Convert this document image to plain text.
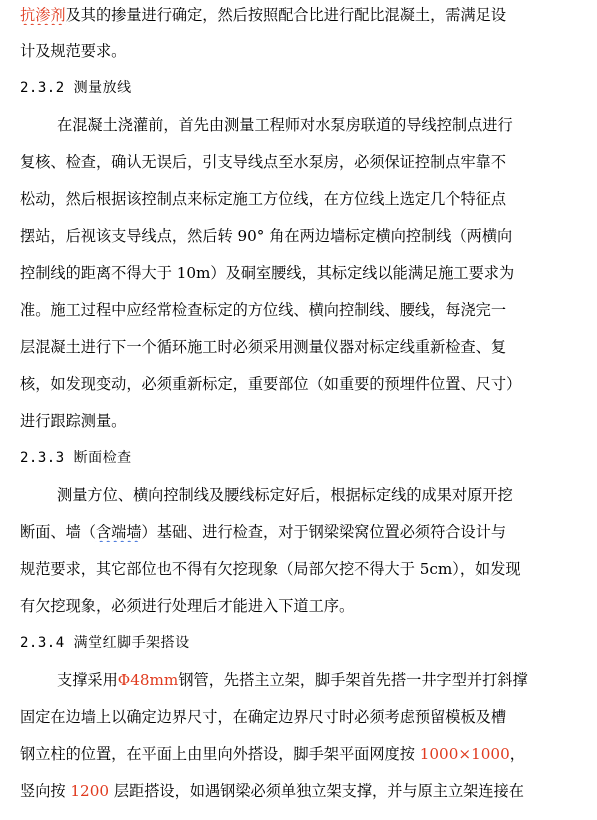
抗渗剂及其的掺量进行确定，然后按照配合比进行配比混凝土，需满足设
计及规范要求。
2.3.2 测量放线
在混凝土浇灌前，首先由测量工程师对水泵房联道的导线控制点进行
复核、检查，确认无误后，引支导线点至水泵房，必须保证控制点牢靠不
松动，然后根据该控制点来标定施工方位线，在方位线上选定几个特征点
摆站，后视该支导线点，然后转 90° 角在两边墙标定横向控制线（两横向
控制线的距离不得大于 10m）及硐室腰线，其标定线以能满足施工要求为
准。施工过程中应经常检查标定的方位线、横向控制线、腰线，每浇完一
层混凝土进行下一个循环施工时必须采用测量仪器对标定线重新检查、复
核，如发现变动，必须重新标定，重要部位（如重要的预埋件位置、尺寸）
进行跟踪测量。
2.3.3 断面检查
测量方位、横向控制线及腰线标定好后，根据标定线的成果对原开挖
断面、墙（含端墙）基础、进行检查，对于钢梁梁窝位置必须符合设计与
规范要求，其它部位也不得有欠挖现象（局部欠挖不得大于 5cm），如发现
有欠挖现象，必须进行处理后才能进入下道工序。
2.3.4 满堂红脚手架搭设
支撑采用Φ48mm钢管，先搭主立架，脚手架首先搭一井字型并打斜撑
固定在边墙上以确定边界尺寸，在确定边界尺寸时必须考虑预留模板及槽
钢立柱的位置，在平面上由里向外搭设，脚手架平面网度按 1000×1000，
竖向按 1200 层距搭设，如遇钢梁必须单独立架支撑，并与原主立架连接在
